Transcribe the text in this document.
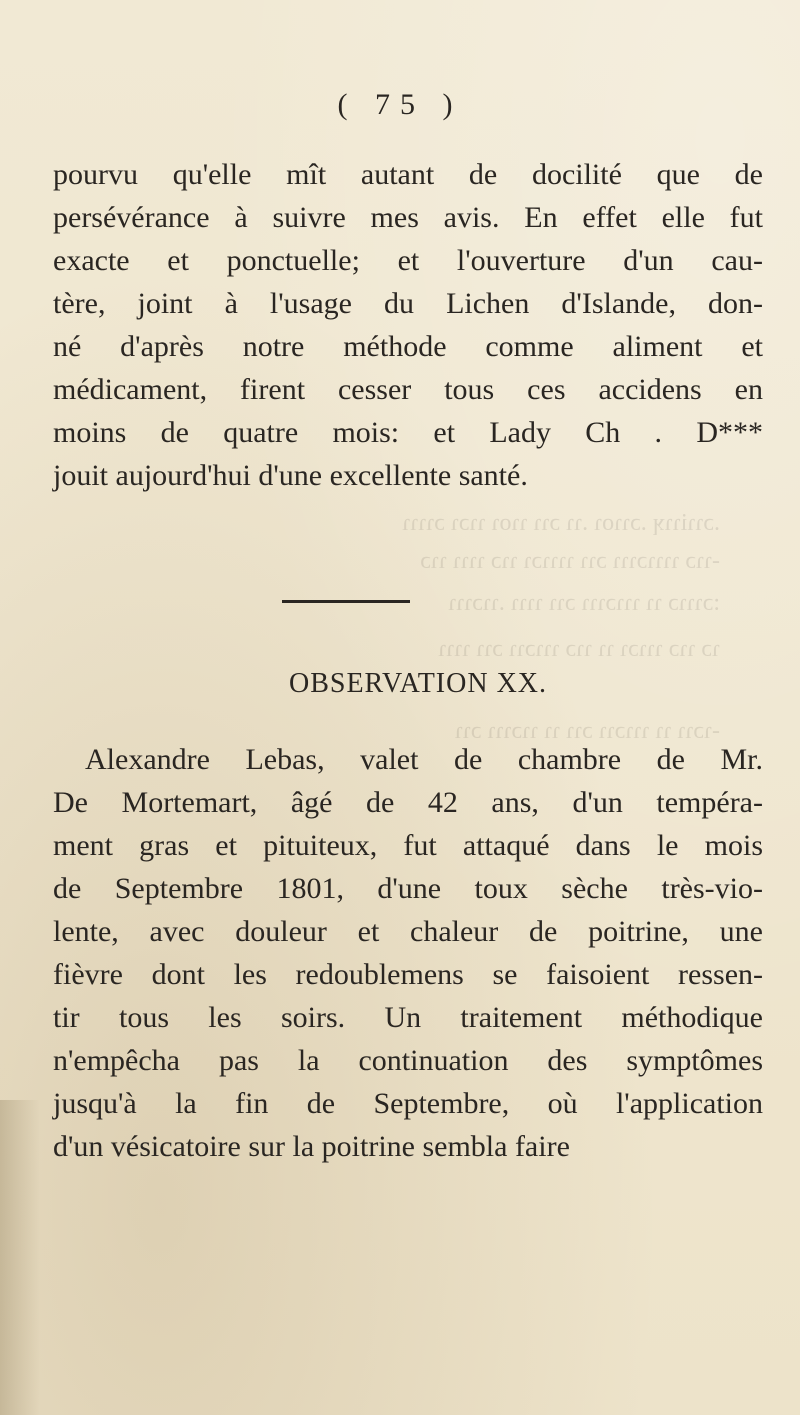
( 75 )
pourvu qu'elle mît autant de docilité que de
persévérance à suivre mes avis. En effet elle fut
exacte et ponctuelle; et l'ouverture d'un cau-
tère, joint à l'usage du Lichen d'Islande, don-
né d'après notre méthode comme aliment et
médicament, firent cesser tous ces accidens en
moins de quatre mois: et Lady Ch . D***
jouit aujourd'hui d'une excellente santé.
.ɔɿɿiɿɿʞ .ɔɿɿoɿ .ɿɿ ɔɿɿ ɿɿoɿ ɿɿɔɿ ɔɿɿɿɿ
-ɿɿɔ ɿɿɿɿɔɿɿɿ ɔɿɿ ɿɿɿɿɔɿ ɿɿɔ ɿɿɿɿ ɿɿɔ
:ɔɿɿɿɔ ɿɿ ɿɿɿɔɿɿɿ ɔɿɿ ɿɿɿɿ .ɿɿɔɿɿɿ
ɿɔ ɿɿɔ ɿɿɿɔɿ ɿɿ ɿɿɔ ɿɿɿɔɿɿ ɔɿɿ ɿɿɿɿ
-ɿɔɿɿ ɿɿ ɿɿɿɔɿɿ ɔɿɿ ɿɿ ɿɿɔɿɿɿ ɔɿɿ
OBSERVATION XX.
Alexandre Lebas, valet de chambre de Mr.
De Mortemart, âgé de 42 ans, d'un tempéra-
ment gras et pituiteux, fut attaqué dans le mois
de Septembre 1801, d'une toux sèche très-vio-
lente, avec douleur et chaleur de poitrine, une
fièvre dont les redoublemens se faisoient ressen-
tir tous les soirs. Un traitement méthodique
n'empêcha pas la continuation des symptômes
jusqu'à la fin de Septembre, où l'application
d'un vésicatoire sur la poitrine sembla faire
